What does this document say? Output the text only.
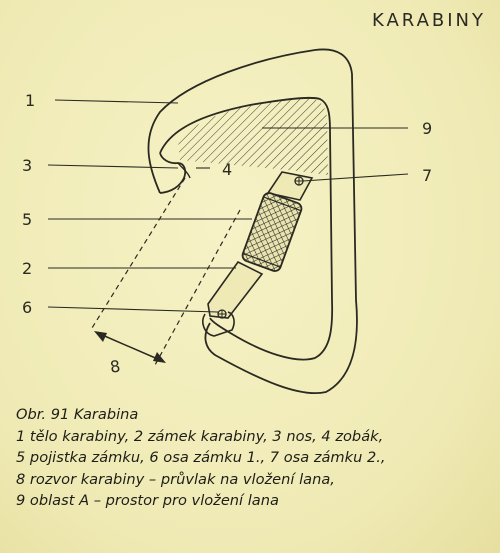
KARABINY
1
3	4
5
2
6
9
7
8
Obr. 91 Karabina
1 tělo karabiny, 2 zámek karabiny, 3 nos, 4 zobák,
5 pojistka zámku, 6 osa zámku 1., 7 osa zámku 2.,
8 rozvor karabiny – průvlak na vložení lana,
9 oblast A – prostor pro vložení lana
